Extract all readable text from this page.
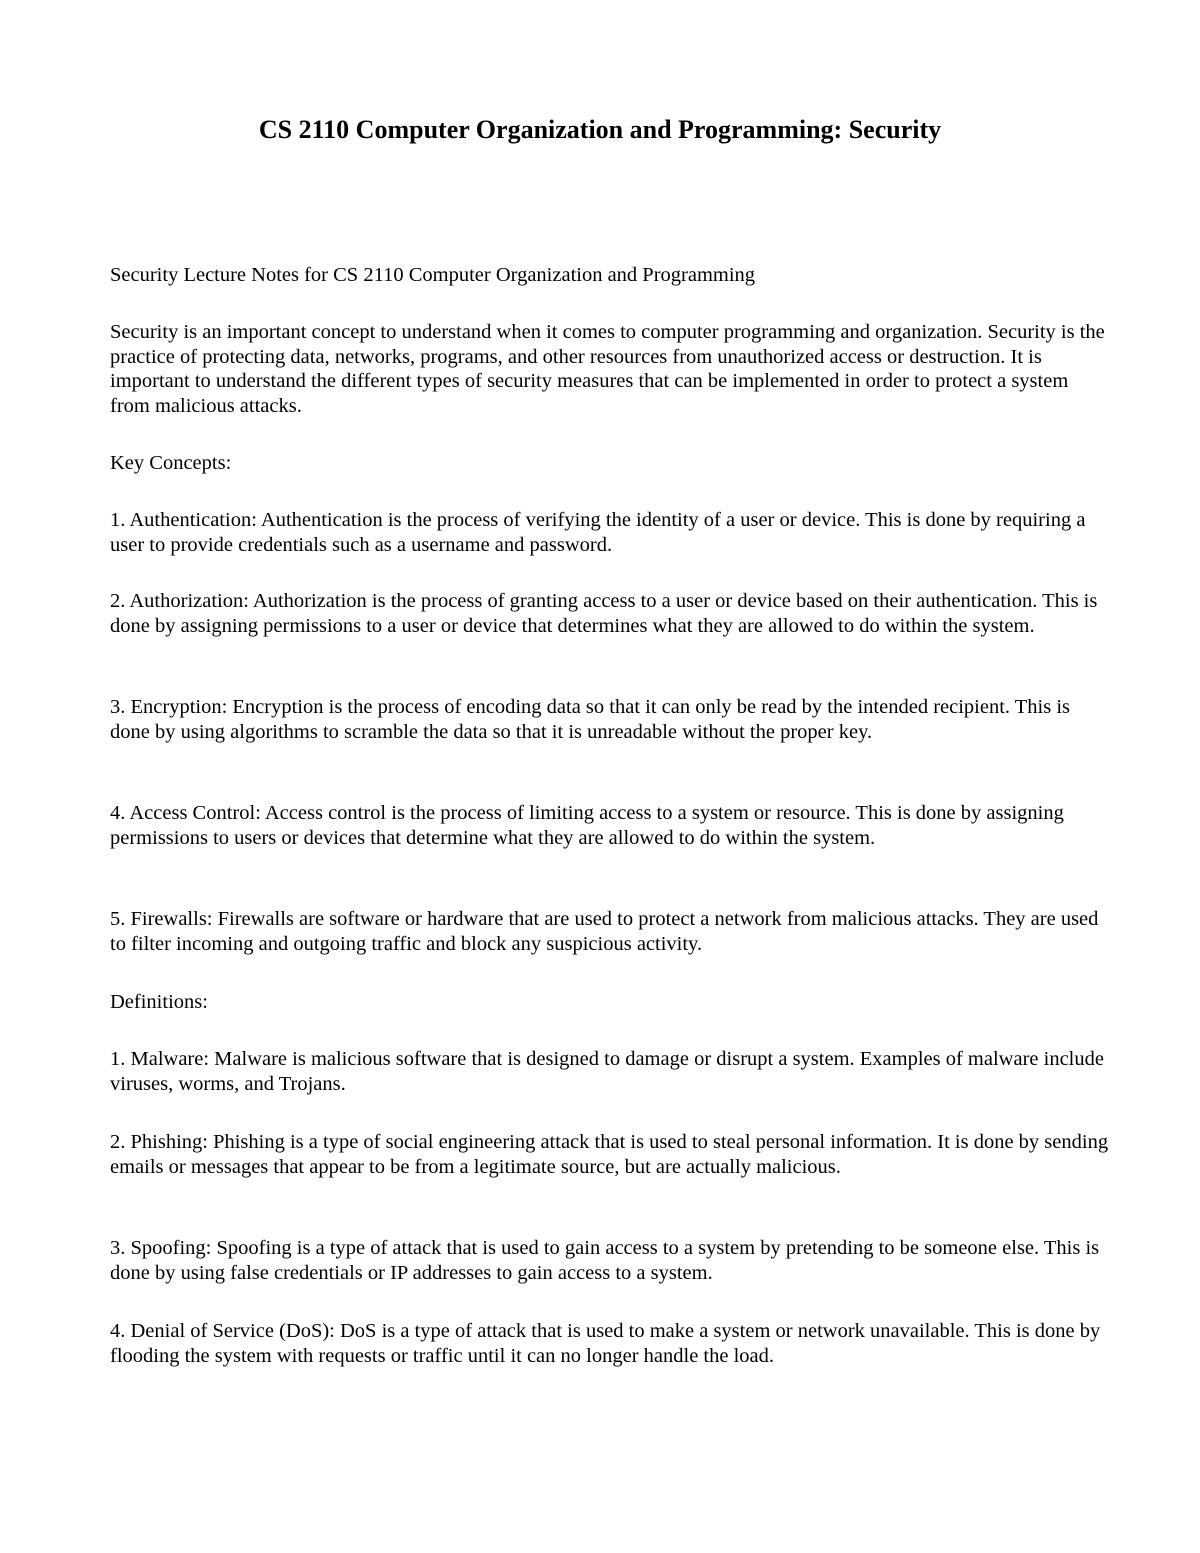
CS 2110 Computer Organization and Programming: Security

Security Lecture Notes for CS 2110 Computer Organization and Programming

Security is an important concept to understand when it comes to computer programming and organization. Security is the practice of protecting data, networks, programs, and other resources from unauthorized access or destruction. It is important to understand the different types of security measures that can be implemented in order to protect a system from malicious attacks.

Key Concepts:

1. Authentication: Authentication is the process of verifying the identity of a user or device. This is done by requiring a user to provide credentials such as a username and password.

2. Authorization: Authorization is the process of granting access to a user or device based on their authentication. This is done by assigning permissions to a user or device that determines what they are allowed to do within the system.

3. Encryption: Encryption is the process of encoding data so that it can only be read by the intended recipient. This is done by using algorithms to scramble the data so that it is unreadable without the proper key.

4. Access Control: Access control is the process of limiting access to a system or resource. This is done by assigning permissions to users or devices that determine what they are allowed to do within the system.

5. Firewalls: Firewalls are software or hardware that are used to protect a network from malicious attacks. They are used to filter incoming and outgoing traffic and block any suspicious activity.

Definitions:

1. Malware: Malware is malicious software that is designed to damage or disrupt a system. Examples of malware include viruses, worms, and Trojans.

2. Phishing: Phishing is a type of social engineering attack that is used to steal personal information. It is done by sending emails or messages that appear to be from a legitimate source, but are actually malicious.

3. Spoofing: Spoofing is a type of attack that is used to gain access to a system by pretending to be someone else. This is done by using false credentials or IP addresses to gain access to a system.

4. Denial of Service (DoS): DoS is a type of attack that is used to make a system or network unavailable. This is done by flooding the system with requests or traffic until it can no longer handle the load.
